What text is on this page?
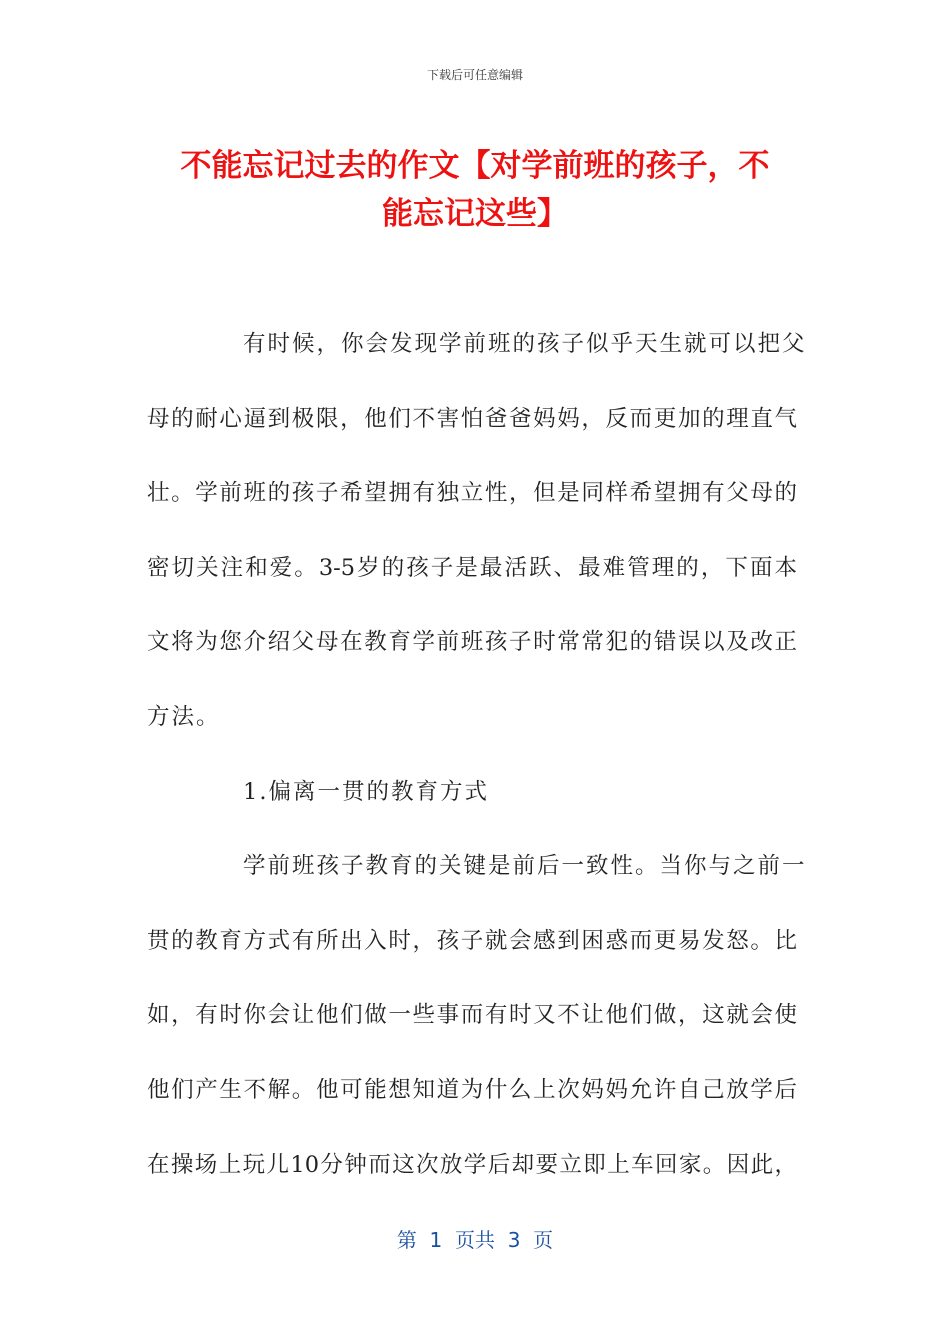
下载后可任意编辑
不能忘记过去的作文【对学前班的孩子，不
能忘记这些】
有时候，你会发现学前班的孩子似乎天生就可以把父
母的耐心逼到极限，他们不害怕爸爸妈妈，反而更加的理直气
壮。学前班的孩子希望拥有独立性，但是同样希望拥有父母的
密切关注和爱。3-5岁的孩子是最活跃、最难管理的，下面本
文将为您介绍父母在教育学前班孩子时常常犯的错误以及改正
方法。
1.偏离一贯的教育方式
学前班孩子教育的关键是前后一致性。当你与之前一
贯的教育方式有所出入时，孩子就会感到困惑而更易发怒。比
如，有时你会让他们做一些事而有时又不让他们做，这就会使
他们产生不解。他可能想知道为什么上次妈妈允许自己放学后
在操场上玩儿10分钟而这次放学后却要立即上车回家。因此，
第  1  页共  3  页
